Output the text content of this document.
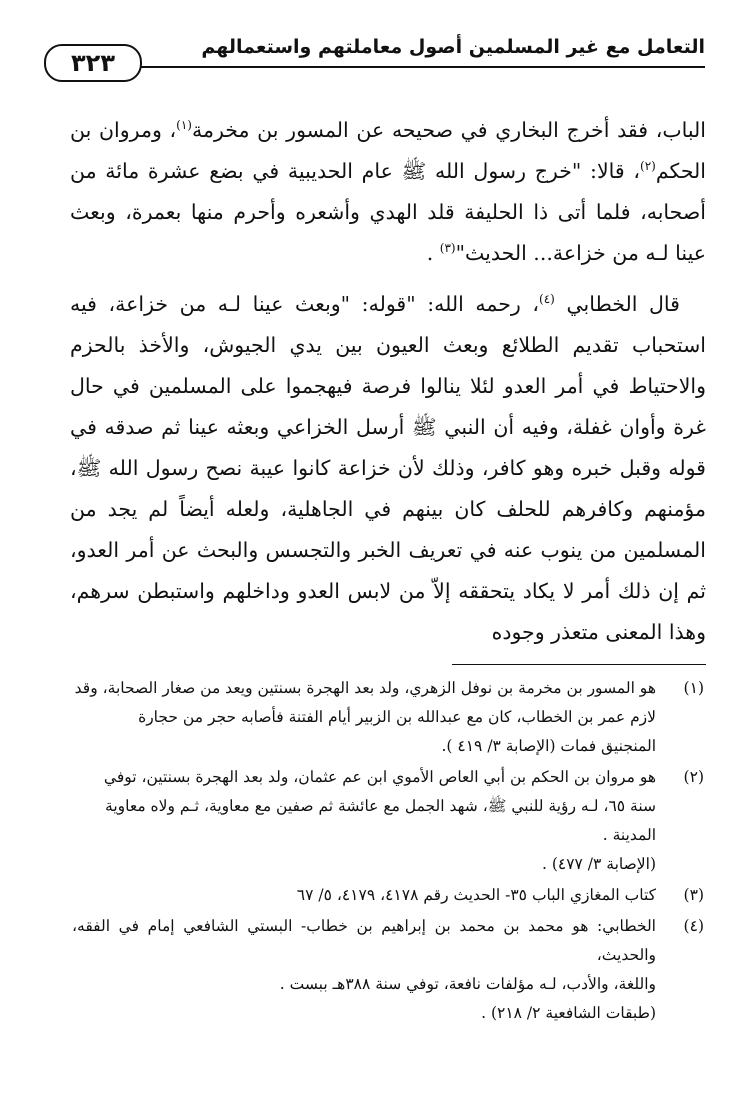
٣٢٣
التعامل مع غير المسلمين أصول معاملتهم واستعمالهم

الباب، فقد أخرج البخاري في صحيحه عن المسور بن مخرمة$^{(١)}$، ومروان بن الحكم$^{(٢)}$، قالا: "خرج رسول الله ﷺ عام الحديبية في بضع عشرة مائة من أصحابه، فلما أتى ذا الحليفة قلد الهدي وأشعره وأحرم منها بعمرة، وبعث عينا لـه من خزاعة... الحديث"$^{(٣)}$ .

قال الخطابي $^{(٤)}$، رحمه الله: "قوله: "وبعث عينا لـه من خزاعة، فيه استحباب تقديم الطلائع وبعث العيون بين يدي الجيوش، والأخذ بالحزم والاحتياط في أمر العدو لئلا ينالوا فرصة فيهجموا على المسلمين في حال غرة وأوان غفلة، وفيه أن النبي ﷺ أرسل الخزاعي وبعثه عينا ثم صدقه في قوله وقبل خبره وهو كافر، وذلك لأن خزاعة كانوا عيبة نصح رسول الله ﷺ، مؤمنهم وكافرهم للحلف كان بينهم في الجاهلية، ولعله أيضاً لم يجد من المسلمين من ينوب عنه في تعريف الخبر والتجسس والبحث عن أمر العدو، ثم إن ذلك أمر لا يكاد يتحققه إلاّ من لابس العدو وداخلهم واستبطن سرهم، وهذا المعنى متعذر وجوده

(١)
هو المسور بن مخرمة بن نوفل الزهري، ولد بعد الهجرة بسنتين ويعد من صغار الصحابة، وقد
لازم عمر بن الخطاب، كان مع عبدالله بن الزبير أيام الفتنة فأصابه حجر من حجارة
المنجنيق فمات (الإصابة ٣/ ٤١٩ ).
(٢)
هو مروان بن الحكم بن أبي العاص الأموي ابن عم عثمان، ولد بعد الهجرة بسنتين، توفي
سنة ٦٥، لـه رؤية للنبي ﷺ، شهد الجمل مع عائشة ثم صفين مع معاوية، ثـم ولاه معاوية
المدينة .
(الإصابة ٣/ ٤٧٧) .
(٣)
كتاب المغازي الباب ٣٥- الحديث رقم ٤١٧٨، ٤١٧٩، ٥/ ٦٧
(٤)
الخطابي: هو محمد بن محمد بن إبراهيم بن خطاب- البستي الشافعي إمام في الفقه، والحديث،
واللغة، والأدب، لـه مؤلفات نافعة، توفي سنة ٣٨٨هـ ببست .
(طبقات الشافعية ٢/ ٢١٨) .
